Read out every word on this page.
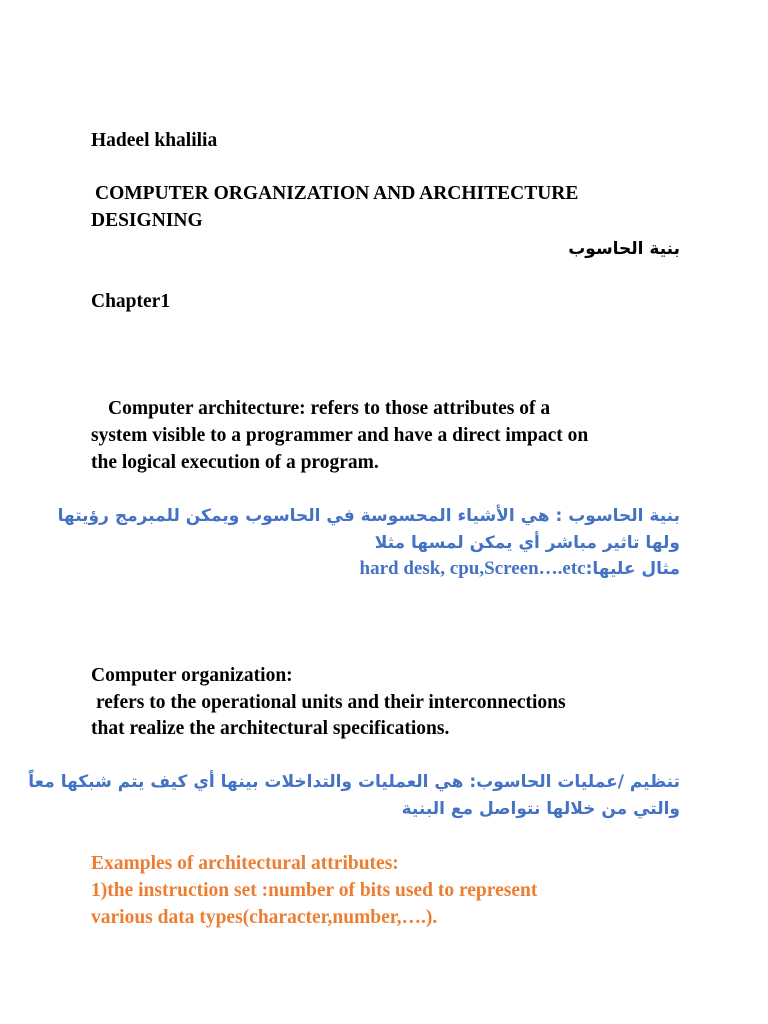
Hadeel khalilia
COMPUTER ORGANIZATION AND ARCHITECTURE
DESIGNING
بنية الحاسوب
Chapter1
Computer architecture: refers to those attributes of a
system visible to a programmer and have a direct impact on
the logical execution of a program.
بنية الحاسوب : هي الأشياء المحسوسة في الحاسوب ويمكن للمبرمج رؤيتها
ولها تاثير مباشر أي يمكن لمسها مثلا
hard desk, cpu,Screen….etcمثال عليها:
Computer organization:
refers to the operational units and their interconnections
that realize the architectural specifications.
تنظيم /عمليات الحاسوب: هي العمليات والتداخلات بينها أي كيف يتم شبكها معاً
والتي من خلالها نتواصل مع البنية
Examples of architectural attributes:
1)the instruction set :number of bits used to represent
various data types(character,number,….).
